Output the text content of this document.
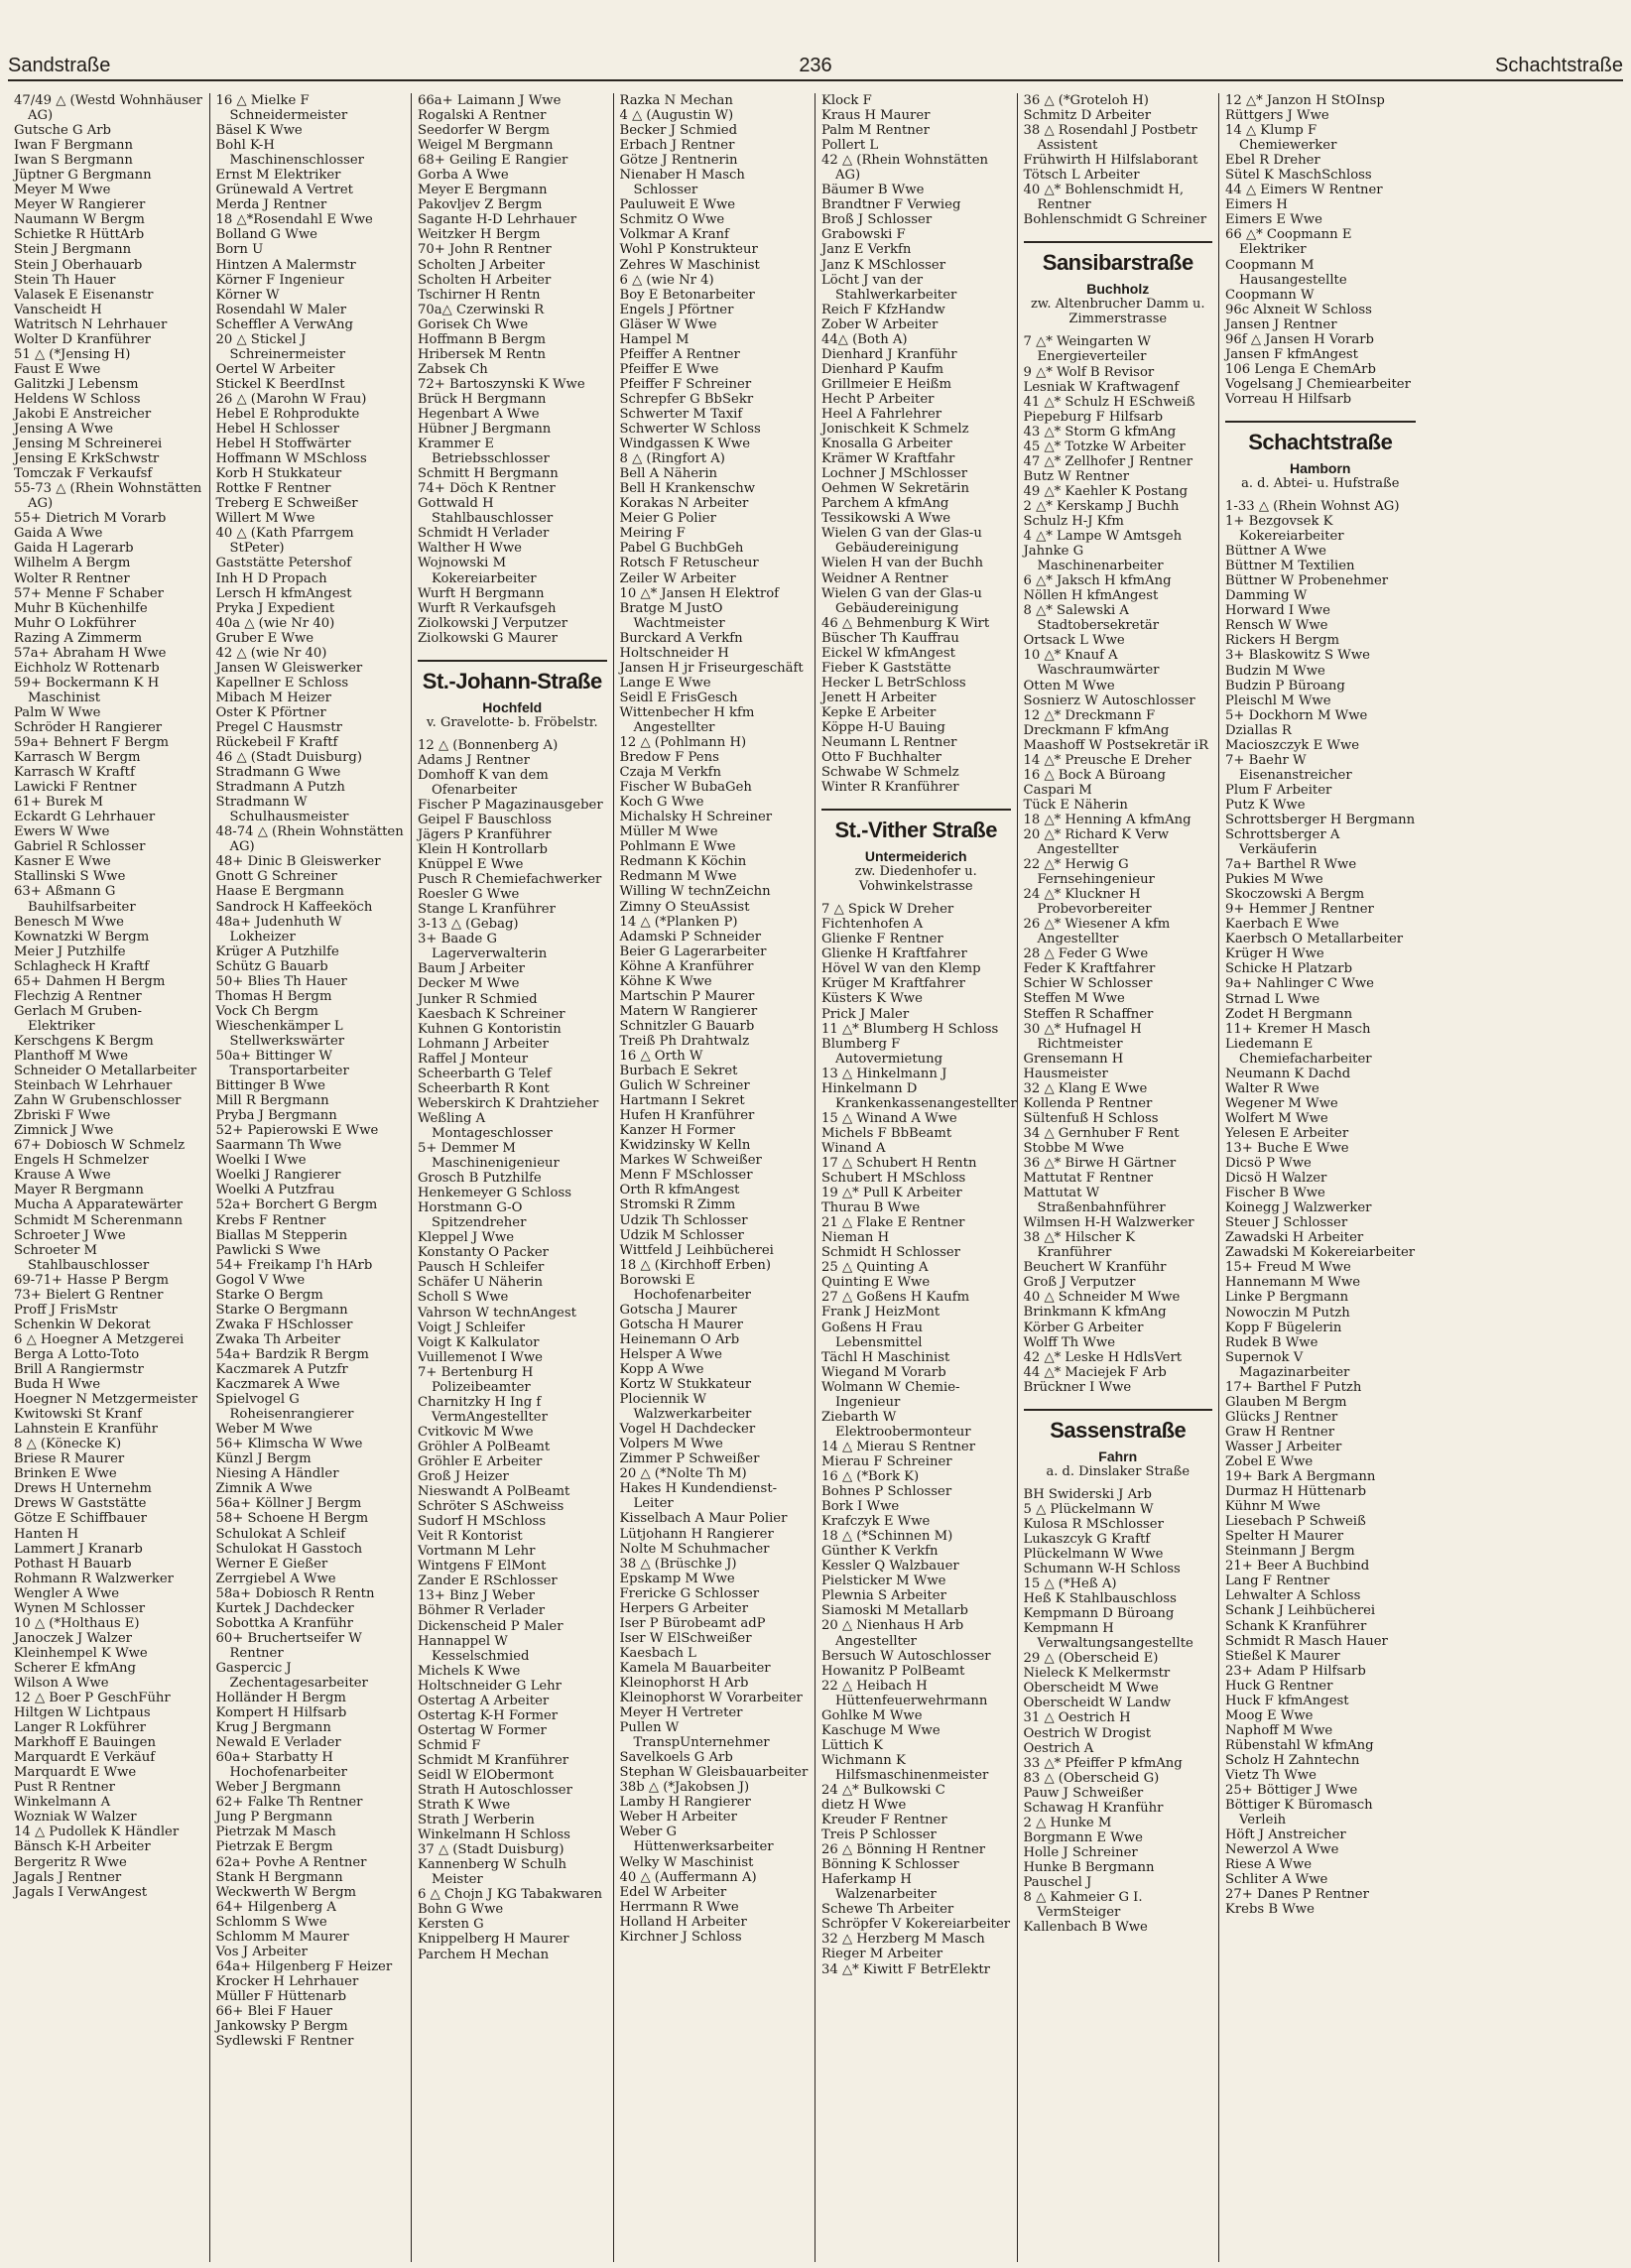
Sandstraße	236	Schachtstraße
47/49 △ (Westd Wohnhäuser AG)
Gutsche G Arb
Iwan F Bergmann
Iwan S Bergmann
Jüptner G Bergmann
Meyer M Wwe
Meyer W Rangierer
Naumann W Bergm
Schietke R HüttArb
Stein J Bergmann
Stein J Oberhauarb
Stein Th Hauer
Valasek E Eisenanstr
Vanscheidt H
Watritsch N Lehrhauer
Wolter D Kranführer
51 △ (*Jensing H)
Faust E Wwe
Galitzki J Lebensm
Heldens W Schloss
Jakobi E Anstreicher
Jensing A Wwe
Jensing M Schreinerei
Jensing E KrkSchwstr
Tomczak F Verkaufsf
55-73 △ (Rhein Wohnstätten AG)
55+ Dietrich M Vorarb
Gaida A Wwe
Gaida H Lagerarb
Wilhelm A Bergm
Wolter R Rentner
57+ Menne F Schaber
Muhr B Küchenhilfe
Muhr O Lokführer
Razing A Zimmerm
57a+ Abraham H Wwe
Eichholz W Rottenarb
59+ Bockermann K H Maschinist
Palm W Wwe
Schröder H Rangierer
59a+ Behnert F Bergm
Karrasch W Bergm
Karrasch W Kraftf
Lawicki F Rentner
61+ Burek M
Eckardt G Lehrhauer
Ewers W Wwe
Gabriel R Schlosser
Kasner E Wwe
Stallinski S Wwe
63+ Aßmann G Bauhilfsarbeiter
Benesch M Wwe
Kownatzki W Bergm
Meier J Putzhilfe
Schlagheck H Kraftf
65+ Dahmen H Bergm
Flechzig A Rentner
Gerlach M Gruben-Elektriker
Kerschgens K Bergm
Planthoff M Wwe
Schneider O Metallarbeiter
Steinbach W Lehrhauer
Zahn W Grubenschlosser
Zbriski F Wwe
Zimnick J Wwe
67+ Dobiosch W Schmelz
Engels H Schmelzer
Krause A Wwe
Mayer R Bergmann
Mucha A Apparatewärter
Schmidt M Scherenmann
Schroeter J Wwe
Schroeter M Stahlbauschlosser
69-71+ Hasse P Bergm
73+ Bielert G Rentner
Proff J FrisMstr
Schenkin W Dekorat
6 △ Hoegner A Metzgerei
Berga A Lotto-Toto
Brill A Rangiermstr
Buda H Wwe
Hoegner N Metzgermeister
Kwitowski St Kranf
Lahnstein E Kranführ
8 △ (Könecke K)
Briese R Maurer
Brinken E Wwe
Drews H Unternehm
Drews W Gaststätte
Götze E Schiffbauer
Hanten H
Lammert J Kranarb
Pothast H Bauarb
Rohmann R Walzwerker
Wengler A Wwe
Wynen M Schlosser
10 △ (*Holthaus E)
Janoczek J Walzer
Kleinhempel K Wwe
Scherer E kfmAng
Wilson A Wwe
12 △ Boer P GeschFühr
Hiltgen W Lichtpaus
Langer R Lokführer
Markhoff E Bauingen
Marquardt E Verkäuf
Marquardt E Wwe
Pust R Rentner
Winkelmann A
Wozniak W Walzer
14 △ Pudollek K Händler
Bänsch K-H Arbeiter
Bergeritz R Wwe
Jagals J Rentner
Jagals I VerwAngest
16 △ Mielke F Schneidermeister
Bäsel K Wwe
Bohl K-H Maschinenschlosser
Ernst M Elektriker
Grünewald A Vertret
Merda J Rentner
18 △*Rosendahl E Wwe
Bolland G Wwe
Born U
Hintzen A Malermstr
Körner F Ingenieur
Körner W
Rosendahl W Maler
Scheffler A VerwAng
20 △ Stickel J Schreinermeister
Oertel W Arbeiter
Stickel K BeerdInst
26 △ (Marohn W Frau)
Hebel E Rohprodukte
Hebel H Schlosser
Hebel H Stoffwärter
Hoffmann W MSchloss
Korb H Stukkateur
Rottke F Rentner
Treberg E Schweißer
Willert M Wwe
40 △ (Kath Pfarrgem StPeter)
Gaststätte Petershof
Inh H D Propach
Lersch H kfmAngest
Pryka J Expedient
40a △ (wie Nr 40)
Gruber E Wwe
42 △ (wie Nr 40)
Jansen W Gleiswerker
Kapellner E Schloss
Mibach M Heizer
Oster K Pförtner
Pregel C Hausmstr
Rückebeil F Kraftf
46 △ (Stadt Duisburg)
Stradmann G Wwe
Stradmann A Putzh
Stradmann W Schulhausmeister
48-74 △ (Rhein Wohnstätten AG)
48+ Dinic B Gleiswerker
Gnott G Schreiner
Haase E Bergmann
Sandrock H Kaffeeköch
48a+ Judenhuth W Lokheizer
Krüger A Putzhilfe
Schütz G Bauarb
50+ Blies Th Hauer
Thomas H Bergm
Vock Ch Bergm
Wieschenkämper L Stellwerkswärter
50a+ Bittinger W Transportarbeiter
Bittinger B Wwe
Mill R Bergmann
Pryba J Bergmann
52+ Papierowski E Wwe
Saarmann Th Wwe
Woelki I Wwe
Woelki J Rangierer
Woelki A Putzfrau
52a+ Borchert G Bergm
Krebs F Rentner
Biallas M Stepperin
Pawlicki S Wwe
54+ Freikamp I'h HArb
Gogol V Wwe
Starke O Bergm
Starke O Bergmann
Zwaka F HSchlosser
Zwaka Th Arbeiter
54a+ Bardzik R Bergm
Kaczmarek A Putzfr
Kaczmarek A Wwe
Spielvogel G Roheisenrangierer
Weber M Wwe
56+ Klimscha W Wwe
Künzl J Bergm
Niesing A Händler
Zimnik A Wwe
56a+ Köllner J Bergm
58+ Schoene H Bergm
Schulokat A Schleif
Schulokat H Gasstoch
Werner E Gießer
Zerrgiebel A Wwe
58a+ Dobiosch R Rentn
Kurtek J Dachdecker
Sobottka A Kranführ
60+ Bruchertseifer W Rentner
Gaspercic J Zechentagesarbeiter
Holländer H Bergm
Kompert H Hilfsarb
Krug J Bergmann
Newald E Verlader
60a+ Starbatty H Hochofenarbeiter
Weber J Bergmann
62+ Falke Th Rentner
Jung P Bergmann
Pietrzak M Masch
Pietrzak E Bergm
62a+ Povhe A Rentner
Stank H Bergmann
Weckwerth W Bergm
64+ Hilgenberg A
Schlomm S Wwe
Schlomm M Maurer
Vos J Arbeiter
64a+ Hilgenberg F Heizer
Krocker H Lehrhauer
Müller F Hüttenarb
66+ Blei F Hauer
Jankowsky P Bergm
Sydlewski F Rentner
66a+ Laimann J Wwe
Rogalski A Rentner
Seedorfer W Bergm
Weigel M Bergmann
68+ Geiling E Rangier
Gorba A Wwe
Meyer E Bergmann
Pakovljev Z Bergm
Sagante H-D Lehrhauer
Weitzker H Bergm
70+ John R Rentner
Scholten J Arbeiter
Scholten H Arbeiter
Tschirner H Rentn
70a△ Czerwinski R
Gorisek Ch Wwe
Hoffmann B Bergm
Hribersek M Rentn
Zabsek Ch
72+ Bartoszynski K Wwe
Brück H Bergmann
Hegenbart A Wwe
Hübner J Bergmann
Krammer E Betriebsschlosser
Schmitt H Bergmann
74+ Döch K Rentner
Gottwald H Stahlbauschlosser
Schmidt H Verlader
Walther H Wwe
Wojnowski M Kokereiarbeiter
Wurft H Bergmann
Wurft R Verkaufsgeh
Ziolkowski J Verputzer
Ziolkowski G Maurer
St.-Johann-Straße
Hochfeld
v. Gravelotte- b. Fröbelstr.
12 △ (Bonnenberg A)
Adams J Rentner
Domhoff K van dem Ofenarbeiter
Fischer P Magazinausgeber
Geipel F Bauschloss
Jägers P Kranführer
Klein H Kontrollarb
Knüppel E Wwe
Pusch R Chemiefachwerker
Roesler G Wwe
Stange L Kranführer
3-13 △ (Gebag)
3+ Baade G Lagerverwalterin
Baum J Arbeiter
Decker M Wwe
Junker R Schmied
Kaesbach K Schreiner
Kuhnen G Kontoristin
Lohmann J Arbeiter
Raffel J Monteur
Scheerbarth G Telef
Scheerbarth R Kont
Weberskirch K Drahtzieher
Weßling A Montageschlosser
5+ Demmer M Maschinenigenieur
Grosch B Putzhilfe
Henkemeyer G Schloss
Horstmann G-O Spitzendreher
Kleppel J Wwe
Konstanty O Packer
Pausch H Schleifer
Schäfer U Näherin
Scholl S Wwe
Vahrson W technAngest
Voigt J Schleifer
Voigt K Kalkulator
Vuillemenot I Wwe
7+ Bertenburg H Polizeibeamter
Charnitzky H Ing f VermAngestellter
Cvitkovic M Wwe
Gröhler A PolBeamt
Gröhler E Arbeiter
Groß J Heizer
Nieswandt A PolBeamt
Schröter S ASchweiss
Sudorf H MSchloss
Veit R Kontorist
Vortmann M Lehr
Wintgens F ElMont
Zander E RSchlosser
13+ Binz J Weber
Böhmer R Verlader
Dickenscheid P Maler
Hannappel W Kesselschmied
Michels K Wwe
Holtschneider G Lehr
Ostertag A Arbeiter
Ostertag K-H Former
Ostertag W Former
Schmid F
Schmidt M Kranführer
Seidl W ElObermont
Strath H Autoschlosser
Strath K Wwe
Strath J Werberin
Winkelmann H Schloss
37 △ (Stadt Duisburg)
Kannenberg W Schulh Meister
6 △ Chojn J KG Tabakwaren
Bohn G Wwe
Kersten G
Knippelberg H Maurer
Parchem H Mechan
Razka N Mechan
4 △ (Augustin W)
Becker J Schmied
Erbach J Rentner
Götze J Rentnerin
Nienaber H Masch Schlosser
Pauluweit E Wwe
Schmitz O Wwe
Volkmar A Kranf
Wohl P Konstrukteur
Zehres W Maschinist
6 △ (wie Nr 4)
Boy E Betonarbeiter
Engels J Pförtner
Gläser W Wwe
Hampel M
Pfeiffer A Rentner
Pfeiffer E Wwe
Pfeiffer F Schreiner
Schrepfer G BbSekr
Schwerter M Taxif
Schwerter W Schloss
Windgassen K Wwe
8 △ (Ringfort A)
Bell A Näherin
Bell H Krankenschw
Korakas N Arbeiter
Meier G Polier
Meiring F
Pabel G BuchbGeh
Rotsch F Retuscheur
Zeiler W Arbeiter
10 △* Jansen H Elektrof
Bratge M JustO Wachtmeister
Burckard A Verkfn
Holtschneider H
Jansen H jr Friseurgeschäft
Lange E Wwe
Seidl E FrisGesch
Wittenbecher H kfm Angestellter
12 △ (Pohlmann H)
Bredow F Pens
Czaja M Verkfn
Fischer W BubaGeh
Koch G Wwe
Michalsky H Schreiner
Müller M Wwe
Pohlmann E Wwe
Redmann K Köchin
Redmann M Wwe
Willing W technZeichn
Zimny O SteuAssist
14 △ (*Planken P)
Adamski P Schneider
Beier G Lagerarbeiter
Köhne A Kranführer
Köhne K Wwe
Martschin P Maurer
Matern W Rangierer
Schnitzler G Bauarb
Treiß Ph Drahtwalz
16 △ Orth W
Burbach E Sekret
Gulich W Schreiner
Hartmann I Sekret
Hufen H Kranführer
Kanzer H Former
Kwidzinsky W Kelln
Markes W Schweißer
Menn F MSchlosser
Orth R kfmAngest
Stromski R Zimm
Udzik Th Schlosser
Udzik M Schlosser
Wittfeld J Leihbücherei
18 △ (Kirchhoff Erben)
Borowski E Hochofenarbeiter
Gotscha J Maurer
Gotscha H Maurer
Heinemann O Arb
Helsper A Wwe
Kopp A Wwe
Kortz W Stukkateur
Plociennik W Walzwerkarbeiter
Vogel H Dachdecker
Volpers M Wwe
Zimmer P Schweißer
20 △ (*Nolte Th M)
Hakes H Kundendienst-Leiter
Kisselbach A Maur Polier
Lütjohann H Rangierer
Nolte M Schuhmacher
38 △ (Brüschke J)
Epskamp M Wwe
Frericke G Schlosser
Herpers G Arbeiter
Iser P Bürobeamt adP
Iser W ElSchweißer
Kaesbach L
Kamela M Bauarbeiter
Kleinophorst H Arb
Kleinophorst W Vorarbeiter
Meyer H Vertreter
Pullen W TranspUnternehmer
Savelkoels G Arb
Stephan W Gleisbauarbeiter
38b △ (*Jakobsen J)
Lamby H Rangierer
Weber H Arbeiter
Weber G Hüttenwerksarbeiter
Welky W Maschinist
40 △ (Auffermann A)
Edel W Arbeiter
Herrmann R Wwe
Holland H Arbeiter
Kirchner J Schloss
Klock F
Kraus H Maurer
Palm M Rentner
Pollert L
42 △ (Rhein Wohnstätten AG)
Bäumer B Wwe
Brandtner F Verwieg
Broß J Schlosser
Grabowski F
Janz E Verkfn
Janz K MSchlosser
Löcht J van der Stahlwerkarbeiter
Reich F KfzHandw
Zober W Arbeiter
44△ (Both A)
Dienhard J Kranführ
Dienhard P Kaufm
Grillmeier E Heißm
Hecht P Arbeiter
Heel A Fahrlehrer
Jonischkeit K Schmelz
Knosalla G Arbeiter
Krämer W Kraftfahr
Lochner J MSchlosser
Oehmen W Sekretärin
Parchem A kfmAng
Tessikowski A Wwe
Wielen G van der Glas-u Gebäudereinigung
Wielen H van der Buchh
Weidner A Rentner
Wielen G van der Glas-u Gebäudereinigung
46 △ Behmenburg K Wirt
Büscher Th Kauffrau
Eickel W kfmAngest
Fieber K Gaststätte
Hecker L BetrSchloss
Jenett H Arbeiter
Kepke E Arbeiter
Köppe H-U Bauing
Neumann L Rentner
Otto F Buchhalter
Schwabe W Schmelz
Winter R Kranführer
St.-Vither Straße
Untermeiderich
zw. Diedenhofer u. Vohwinkelstrasse
7 △ Spick W Dreher
Fichtenhofen A
Glienke F Rentner
Glienke H Kraftfahrer
Hövel W van den Klemp
Krüger M Kraftfahrer
Küsters K Wwe
Prick J Maler
11 △* Blumberg H Schloss
Blumberg F Autovermietung
13 △ Hinkelmann J
Hinkelmann D Krankenkassenangestellter
15 △ Winand A Wwe
Michels F BbBeamt
Winand A
17 △ Schubert H Rentn
Schubert H MSchloss
19 △* Pull K Arbeiter
Thurau B Wwe
21 △ Flake E Rentner
Nieman H
Schmidt H Schlosser
25 △ Quinting A
Quinting E Wwe
27 △ Goßens H Kaufm
Frank J HeizMont
Goßens H Frau Lebensmittel
Tächl H Maschinist
Wiegand M Vorarb
Wolmann W Chemie-Ingenieur
Ziebarth W Elektroobermonteur
14 △ Mierau S Rentner
Mierau F Schreiner
16 △ (*Bork K)
Bohnes P Schlosser
Bork I Wwe
Krafczyk E Wwe
18 △ (*Schinnen M)
Günther K Verkfn
Kessler Q Walzbauer
Pielsticker M Wwe
Plewnia S Arbeiter
Siamoski M Metallarb
20 △ Nienhaus H Arb Angestellter
Bersuch W Autoschlosser
Howanitz P PolBeamt
22 △ Heibach H Hüttenfeuerwehrmann
Gohlke M Wwe
Kaschuge M Wwe
Lüttich K
Wichmann K Hilfsmaschinenmeister
24 △* Bulkowski C
dietz H Wwe
Kreuder F Rentner
Treis P Schlosser
26 △ Bönning H Rentner
Bönning K Schlosser
Haferkamp H Walzenarbeiter
Schewe Th Arbeiter
Schröpfer V Kokereiarbeiter
32 △ Herzberg M Masch
Rieger M Arbeiter
34 △* Kiwitt F BetrElektr
36 △ (*Groteloh H)
Schmitz D Arbeiter
38 △ Rosendahl J Postbetr Assistent
Frühwirth H Hilfslaborant
Tötsch L Arbeiter
40 △* Bohlenschmidt H, Rentner
Bohlenschmidt G Schreiner
Sansibarstraße
Buchholz
zw. Altenbrucher Damm u. Zimmerstrasse
7 △* Weingarten W Energieverteiler
9 △* Wolf B Revisor
Lesniak W Kraftwagenf
41 △* Schulz H ESchweiß
Piepeburg F Hilfsarb
43 △* Storm G kfmAng
45 △* Totzke W Arbeiter
47 △* Zellhofer J Rentner
Butz W Rentner
49 △* Kaehler K Postang
2 △* Kerskamp J Buchh
Schulz H-J Kfm
4 △* Lampe W Amtsgeh
Jahnke G Maschinenarbeiter
6 △* Jaksch H kfmAng
Nöllen H kfmAngest
8 △* Salewski A Stadtobersekretär
Ortsack L Wwe
10 △* Knauf A Waschraumwärter
Otten M Wwe
Sosnierz W Autoschlosser
12 △* Dreckmann F
Dreckmann F kfmAng
Maashoff W Postsekretär iR
14 △* Preusche E Dreher
16 △ Bock A Büroang
Caspari M
Tück E Näherin
18 △* Henning A kfmAng
20 △* Richard K Verw Angestellter
22 △* Herwig G Fernsehingenieur
24 △* Kluckner H Probevorbereiter
26 △* Wiesener A kfm Angestellter
28 △ Feder G Wwe
Feder K Kraftfahrer
Schier W Schlosser
Steffen M Wwe
Steffen R Schaffner
30 △* Hufnagel H Richtmeister
Grensemann H
Hausmeister
32 △ Klang E Wwe
Kollenda P Rentner
Sültenfuß H Schloss
34 △ Gernhuber F Rent
Stobbe M Wwe
36 △* Birwe H Gärtner
Mattutat F Rentner
Mattutat W Straßenbahnführer
Wilmsen H-H Walzwerker
38 △* Hilscher K Kranführer
Beuchert W Kranführ
Groß J Verputzer
40 △ Schneider M Wwe
Brinkmann K kfmAng
Körber G Arbeiter
Wolff Th Wwe
42 △* Leske H HdlsVert
44 △* Maciejek F Arb
Brückner I Wwe
Sassenstraße
Fahrn
a. d. Dinslaker Straße
BH Swiderski J Arb
5 △ Plückelmann W
Kulosa R MSchlosser
Lukaszcyk G Kraftf
Plückelmann W Wwe
Schumann W-H Schloss
15 △ (*Heß A)
Heß K Stahlbauschloss
Kempmann D Büroang
Kempmann H Verwaltungsangestellte
29 △ (Oberscheid E)
Nieleck K Melkermstr
Oberscheidt M Wwe
Oberscheidt W Landw
31 △ Oestrich H
Oestrich W Drogist
Oestrich A
33 △* Pfeiffer P kfmAng
83 △ (Oberscheid G)
Pauw J Schweißer
Schawag H Kranführ
2 △ Hunke M
Borgmann E Wwe
Holle J Schreiner
Hunke B Bergmann
Pauschel J
8 △ Kahmeier G I. VermSteiger
Kallenbach B Wwe
12 △* Janzon H StOInsp
Rüttgers J Wwe
14 △ Klump F Chemiewerker
Ebel R Dreher
Sütel K MaschSchloss
44 △ Eimers W Rentner
Eimers H
Eimers E Wwe
66 △* Coopmann E Elektriker
Coopmann M Hausangestellte
Coopmann W
96c Alxneit W Schloss
Jansen J Rentner
96f △ Jansen H Vorarb
Jansen F kfmAngest
106 Lenga E ChemArb
Vogelsang J Chemiearbeiter
Vorreau H Hilfsarb
Schachtstraße
Hamborn
a. d. Abtei- u. Hufstraße
1-33 △ (Rhein Wohnst AG)
1+ Bezgovsek K Kokereiarbeiter
Büttner A Wwe
Büttner M Textilien
Büttner W Probenehmer
Damming W
Horward I Wwe
Rensch W Wwe
Rickers H Bergm
3+ Blaskowitz S Wwe
Budzin M Wwe
Budzin P Büroang
Pleischl M Wwe
5+ Dockhorn M Wwe
Dziallas R
Macioszczyk E Wwe
7+ Baehr W Eisenanstreicher
Plum F Arbeiter
Putz K Wwe
Schrottsberger H Bergmann
Schrottsberger A Verkäuferin
7a+ Barthel R Wwe
Pukies M Wwe
Skoczowski A Bergm
9+ Hemmer J Rentner
Kaerbach E Wwe
Kaerbsch O Metallarbeiter
Krüger H Wwe
Schicke H Platzarb
9a+ Nahlinger C Wwe
Strnad L Wwe
Zodet H Bergmann
11+ Kremer H Masch
Liedemann E Chemiefacharbeiter
Neumann K Dachd
Walter R Wwe
Wegener M Wwe
Wolfert M Wwe
Yelesen E Arbeiter
13+ Buche E Wwe
Dicsö P Wwe
Dicsö H Walzer
Fischer B Wwe
Koinegg J Walzwerker
Steuer J Schlosser
Zawadski H Arbeiter
Zawadski M Kokereiarbeiter
15+ Freud M Wwe
Hannemann M Wwe
Linke P Bergmann
Nowoczin M Putzh
Kopp F Bügelerin
Rudek B Wwe
Supernok V Magazinarbeiter
17+ Barthel F Putzh
Glauben M Bergm
Glücks J Rentner
Graw H Rentner
Wasser J Arbeiter
Zobel E Wwe
19+ Bark A Bergmann
Durmaz H Hüttenarb
Kühnr M Wwe
Liesebach P Schweiß
Spelter H Maurer
Steinmann J Bergm
21+ Beer A Buchbind
Lang F Rentner
Lehwalter A Schloss
Schank J Leihbücherei
Schank K Kranführer
Schmidt R Masch Hauer
Stießel K Maurer
23+ Adam P Hilfsarb
Huck G Rentner
Huck F kfmAngest
Moog E Wwe
Naphoff M Wwe
Rübenstahl W kfmAng
Scholz H Zahntechn
Vietz Th Wwe
25+ Böttiger J Wwe
Böttiger K Büromasch Verleih
Höft J Anstreicher
Newerzol A Wwe
Riese A Wwe
Schliter A Wwe
27+ Danes P Rentner
Krebs B Wwe
